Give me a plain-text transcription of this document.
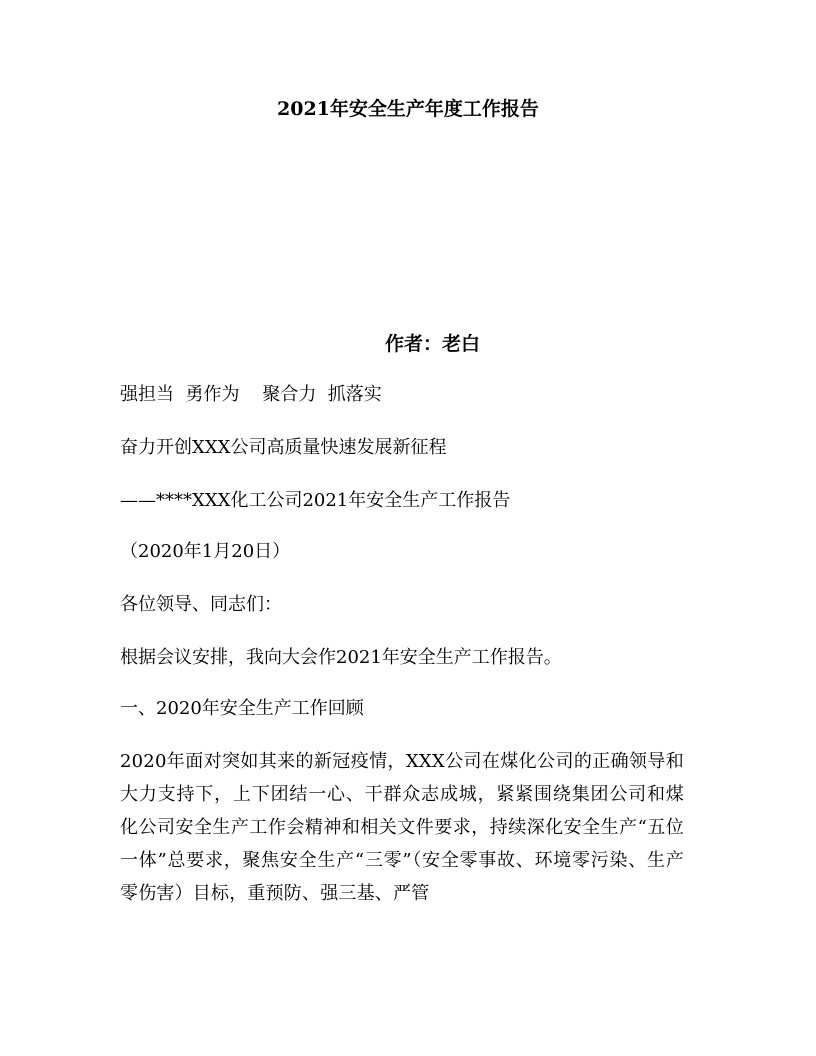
2021年安全生产年度工作报告
作者：老白
强担当  勇作为    聚合力  抓落实
奋力开创XXX公司高质量快速发展新征程
——****XXX化工公司2021年安全生产工作报告
（2020年1月20日）
各位领导、同志们：
根据会议安排，我向大会作2021年安全生产工作报告。
一、2020年安全生产工作回顾
2020年面对突如其来的新冠疫情，XXX公司在煤化公司的正确领导和大力支持下，上下团结一心、干群众志成城，紧紧围绕集团公司和煤化公司安全生产工作会精神和相关文件要求，持续深化安全生产“五位一体”总要求，聚焦安全生产“三零”（安全零事故、环境零污染、生产零伤害）目标，重预防、强三基、严管
